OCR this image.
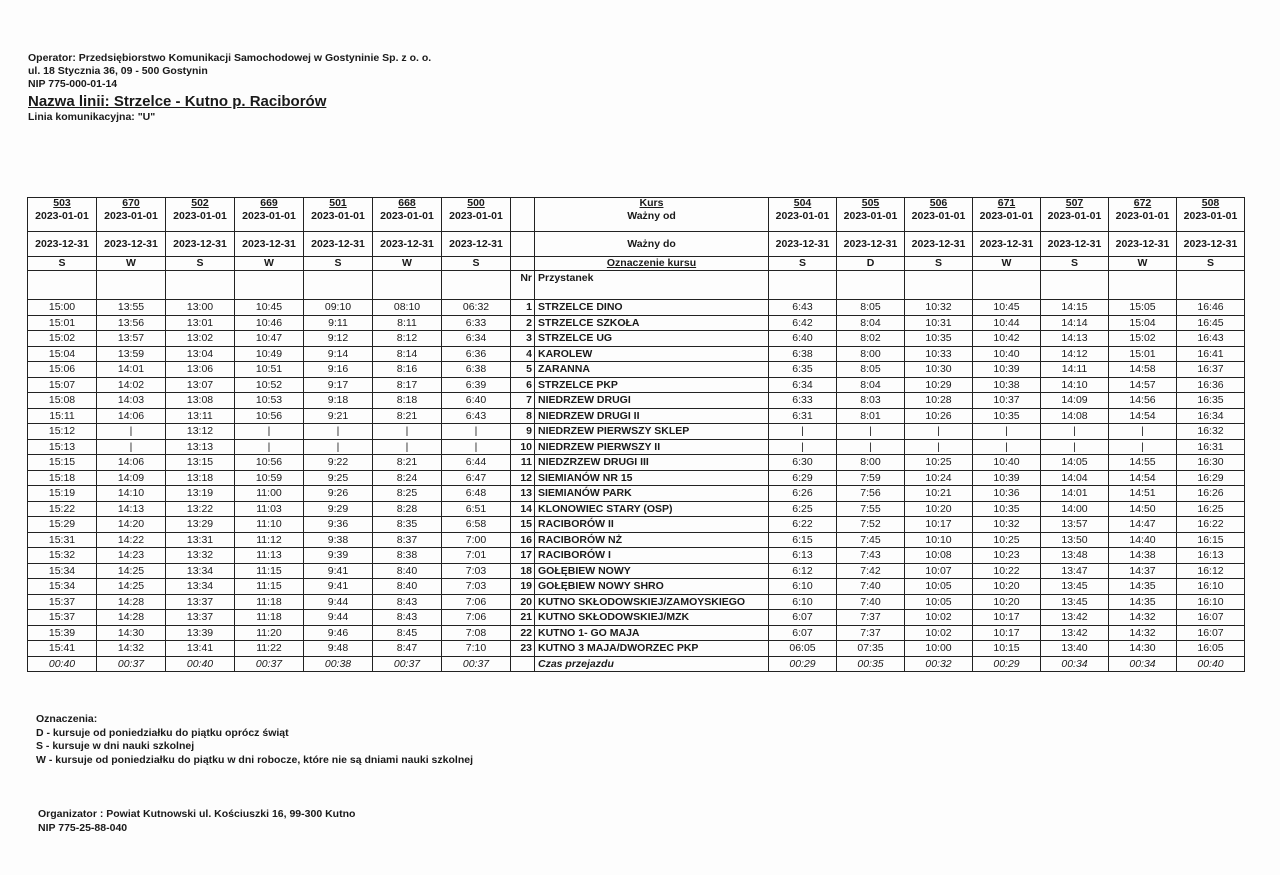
Operator: Przedsiębiorstwo Komunikacji Samochodowej w Gostyninie Sp. z o. o.
ul. 18 Stycznia 36, 09 - 500 Gostynin
NIP 775-000-01-14
Nazwa linii: Strzelce - Kutno p. Raciborów
Linia komunikacyjna: "U"
503	670	502	669	501	668	500		Kurs	504	505	506	671	507	672	508
2023-01-01	2023-01-01	2023-01-01	2023-01-01	2023-01-01	2023-01-01	2023-01-01		Ważny od	2023-01-01	2023-01-01	2023-01-01	2023-01-01	2023-01-01	2023-01-01	2023-01-01
2023-12-31	2023-12-31	2023-12-31	2023-12-31	2023-12-31	2023-12-31	2023-12-31		Ważny do	2023-12-31	2023-12-31	2023-12-31	2023-12-31	2023-12-31	2023-12-31	2023-12-31
S	W	S	W	S	W	S		Oznaczenie kursu	S	D	S	W	S	W	S
							Nr	Przystanek							
15:00	13:55	13:00	10:45	09:10	08:10	06:32	1	STRZELCE DINO	6:43	8:05	10:32	10:45	14:15	15:05	16:46
15:01	13:56	13:01	10:46	9:11	8:11	6:33	2	STRZELCE SZKOŁA	6:42	8:04	10:31	10:44	14:14	15:04	16:45
15:02	13:57	13:02	10:47	9:12	8:12	6:34	3	STRZELCE UG	6:40	8:02	10:35	10:42	14:13	15:02	16:43
15:04	13:59	13:04	10:49	9:14	8:14	6:36	4	KAROLEW	6:38	8:00	10:33	10:40	14:12	15:01	16:41
15:06	14:01	13:06	10:51	9:16	8:16	6:38	5	ZARANNA	6:35	8:05	10:30	10:39	14:11	14:58	16:37
15:07	14:02	13:07	10:52	9:17	8:17	6:39	6	STRZELCE PKP	6:34	8:04	10:29	10:38	14:10	14:57	16:36
15:08	14:03	13:08	10:53	9:18	8:18	6:40	7	NIEDRZEW DRUGI	6:33	8:03	10:28	10:37	14:09	14:56	16:35
15:11	14:06	13:11	10:56	9:21	8:21	6:43	8	NIEDRZEW DRUGI II	6:31	8:01	10:26	10:35	14:08	14:54	16:34
15:12	|	13:12	|	|	|	|	9	NIEDRZEW PIERWSZY SKLEP	|	|	|	|	|	|	16:32
15:13	|	13:13	|	|	|	|	10	NIEDRZEW PIERWSZY II	|	|	|	|	|	|	16:31
15:15	14:06	13:15	10:56	9:22	8:21	6:44	11	NIEDZRZEW DRUGI III	6:30	8:00	10:25	10:40	14:05	14:55	16:30
15:18	14:09	13:18	10:59	9:25	8:24	6:47	12	SIEMIANÓW NR 15	6:29	7:59	10:24	10:39	14:04	14:54	16:29
15:19	14:10	13:19	11:00	9:26	8:25	6:48	13	SIEMIANÓW PARK	6:26	7:56	10:21	10:36	14:01	14:51	16:26
15:22	14:13	13:22	11:03	9:29	8:28	6:51	14	KLONOWIEC STARY (OSP)	6:25	7:55	10:20	10:35	14:00	14:50	16:25
15:29	14:20	13:29	11:10	9:36	8:35	6:58	15	RACIBORÓW II	6:22	7:52	10:17	10:32	13:57	14:47	16:22
15:31	14:22	13:31	11:12	9:38	8:37	7:00	16	RACIBORÓW NŻ	6:15	7:45	10:10	10:25	13:50	14:40	16:15
15:32	14:23	13:32	11:13	9:39	8:38	7:01	17	RACIBORÓW I	6:13	7:43	10:08	10:23	13:48	14:38	16:13
15:34	14:25	13:34	11:15	9:41	8:40	7:03	18	GOŁĘBIEW NOWY	6:12	7:42	10:07	10:22	13:47	14:37	16:12
15:34	14:25	13:34	11:15	9:41	8:40	7:03	19	GOŁĘBIEW NOWY SHRO	6:10	7:40	10:05	10:20	13:45	14:35	16:10
15:37	14:28	13:37	11:18	9:44	8:43	7:06	20	KUTNO SKŁODOWSKIEJ/ZAMOYSKIEGO	6:10	7:40	10:05	10:20	13:45	14:35	16:10
15:37	14:28	13:37	11:18	9:44	8:43	7:06	21	KUTNO SKŁODOWSKIEJ/MZK	6:07	7:37	10:02	10:17	13:42	14:32	16:07
15:39	14:30	13:39	11:20	9:46	8:45	7:08	22	KUTNO 1- GO MAJA	6:07	7:37	10:02	10:17	13:42	14:32	16:07
15:41	14:32	13:41	11:22	9:48	8:47	7:10	23	KUTNO 3 MAJA/DWORZEC PKP	06:05	07:35	10:00	10:15	13:40	14:30	16:05
00:40	00:37	00:40	00:37	00:38	00:37	00:37		Czas przejazdu	00:29	00:35	00:32	00:29	00:34	00:34	00:40
Oznaczenia:
D - kursuje od poniedziałku do piątku oprócz świąt
S - kursuje w dni nauki szkolnej
W - kursuje od poniedziałku do piątku w dni robocze, które nie są dniami nauki szkolnej
Organizator : Powiat Kutnowski ul. Kościuszki 16, 99-300 Kutno
NIP 775-25-88-040
